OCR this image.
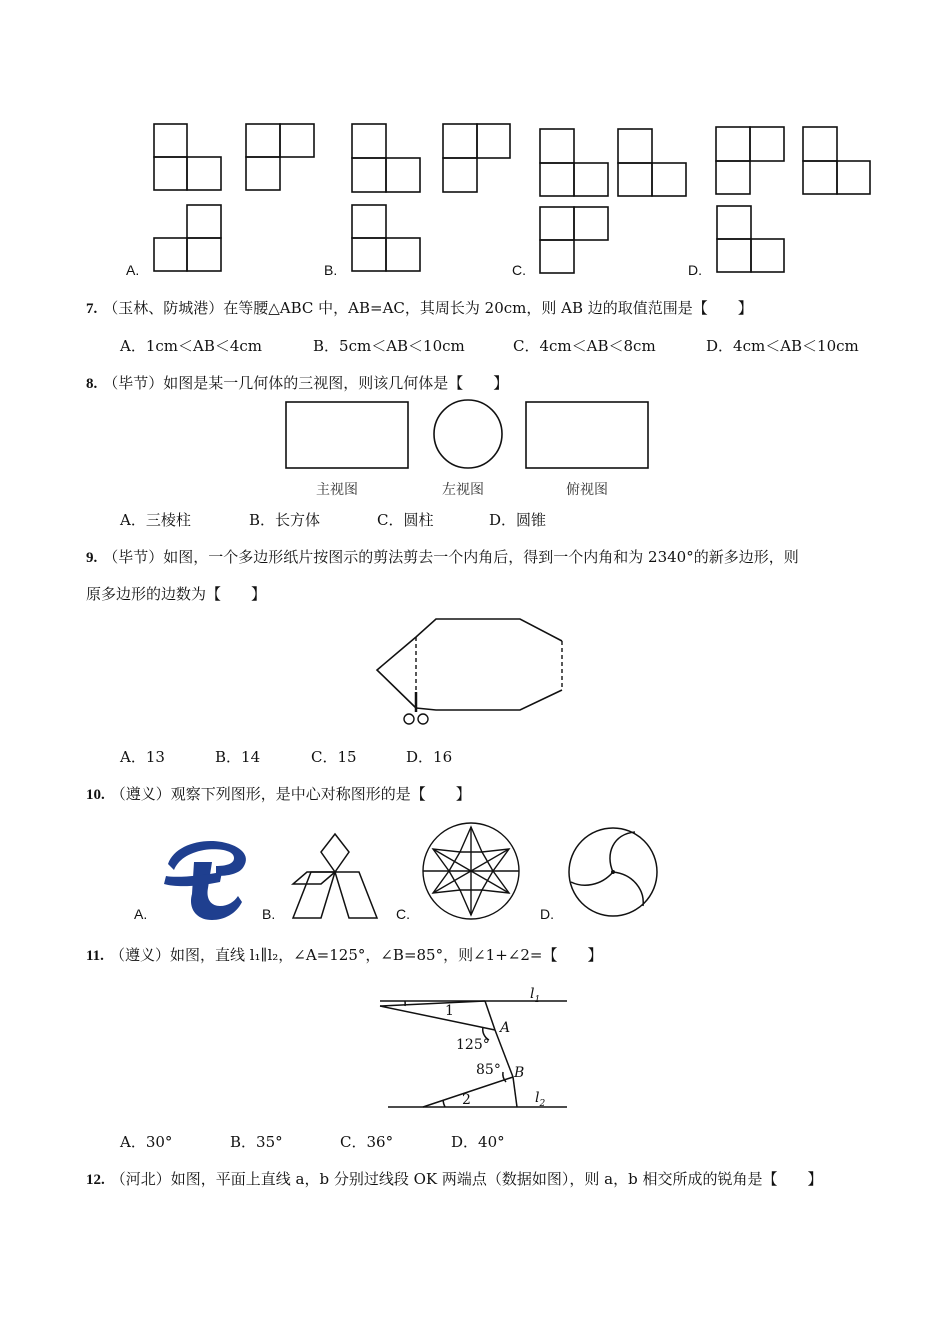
A.	B.	C.	D.
7. （玉林、防城港）在等腰△ABC 中，AB=AC，其周长为 20cm，则 AB 边的取值范围是【　　】
A．1cm＜AB＜4cm	B．5cm＜AB＜10cm	C．4cm＜AB＜8cm	D．4cm＜AB＜10cm
8. （毕节）如图是某一几何体的三视图，则该几何体是【　　】
主视图	左视图	俯视图
A．三棱柱	B．长方体	C．圆柱	D．圆锥
9. （毕节）如图，一个多边形纸片按图示的剪法剪去一个内角后，得到一个内角和为 2340°的新多边形，则
原多边形的边数为【　　】
A．13	B．14	C．15	D．16
10. （遵义）观察下列图形，是中心对称图形的是【　　】
A.	B.	C.	D.
11. （遵义）如图，直线 l₁∥l₂，∠A=125°，∠B=85°，则∠1+∠2=【　　】
$l_1$
$l_2$
1
2
A
B
125°
85°
A．30°	B．35°	C．36°	D．40°
12. （河北）如图，平面上直线 a，b 分别过线段 OK 两端点（数据如图），则 a，b 相交所成的锐角是【　　】
